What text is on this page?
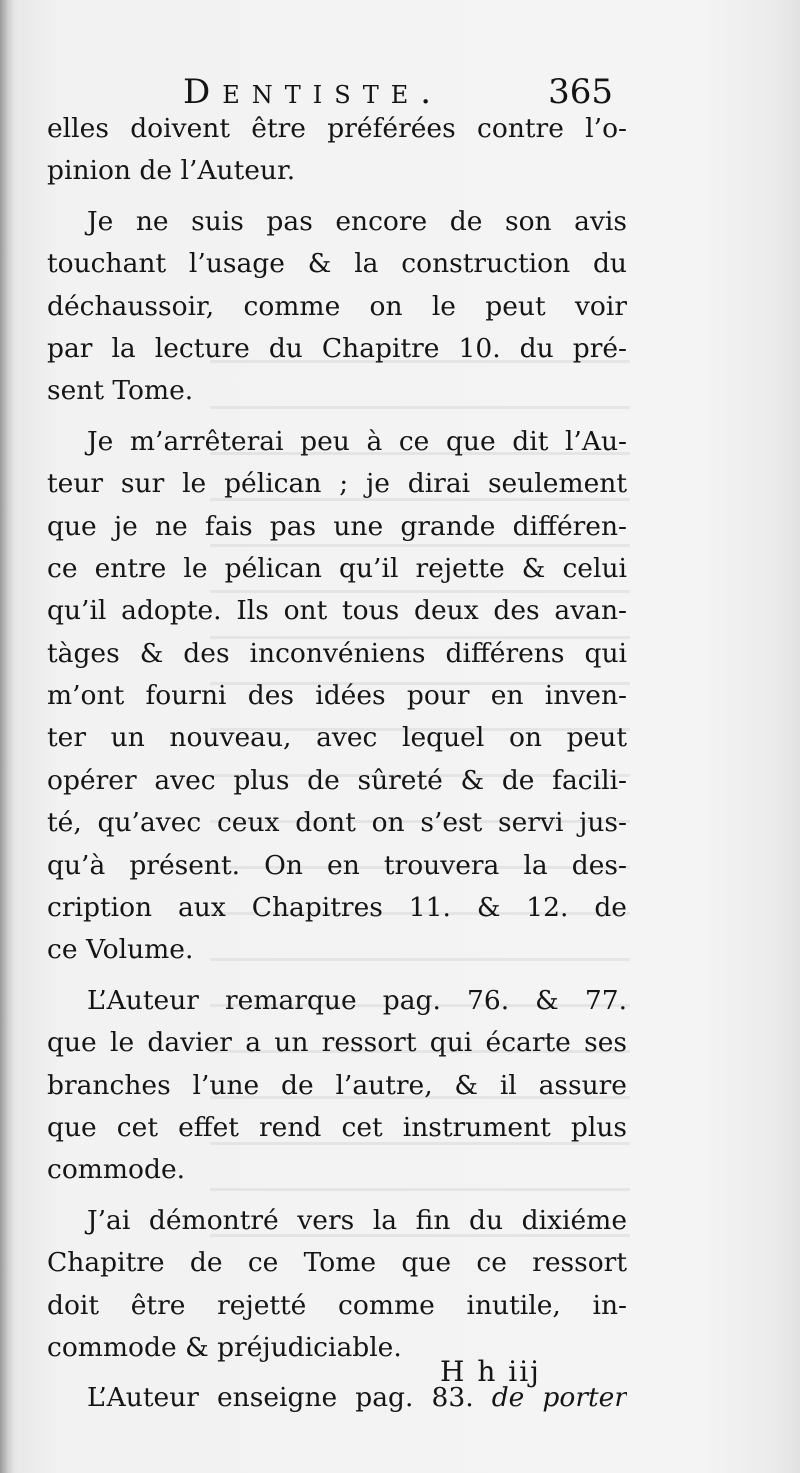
Dentiste.	365
elles doivent être préférées contre l’o-
pinion de l’Auteur.
Je ne suis pas encore de son avis
touchant l’usage & la construction du
déchaussoir, comme on le peut voir
par la lecture du Chapitre 10. du pré-
sent Tome.
Je m’arrêterai peu à ce que dit l’Au-
teur sur le pélican ; je dirai seulement
que je ne fais pas une grande différen-
ce entre le pélican qu’il rejette & celui
qu’il adopte. Ils ont tous deux des avan-
tàges & des inconvéniens différens qui
m’ont fourni des idées pour en inven-
ter un nouveau, avec lequel on peut
opérer avec plus de sûreté & de facili-
té, qu’avec ceux dont on s’est servi jus-
qu’à présent. On en trouvera la des-
cription aux Chapitres 11. & 12. de
ce Volume.
L’Auteur remarque pag. 76. & 77.
que le davier a un ressort qui écarte ses
branches l’une de l’autre, & il assure
que cet effet rend cet instrument plus
commode.
J’ai démontré vers la fin du dixiéme
Chapitre de ce Tome que ce ressort
doit être rejetté comme inutile, in-
commode & préjudiciable.
L’Auteur enseigne pag. 83. de porter
H h iij
